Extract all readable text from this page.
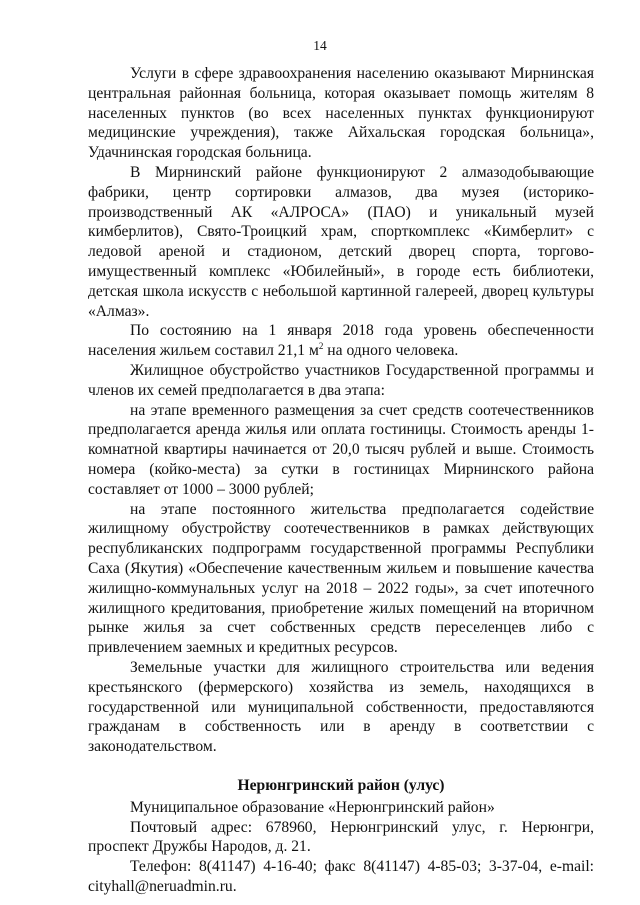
14

Услуги в сфере здравоохранения населению оказывают Мирнинская центральная районная больница, которая оказывает помощь жителям 8 населенных пунктов (во всех населенных пунктах функционируют медицинские учреждения), также Айхальская городская больница», Удачнинская городская больница.

В Мирнинский районе функционируют 2 алмазодобывающие фабрики, центр сортировки алмазов, два музея (историко-производственный АК «АЛРОСА» (ПАО) и уникальный музей кимберлитов), Свято-Троицкий храм, спорткомплекс «Кимберлит» с ледовой ареной и стадионом, детский дворец спорта, торгово-имущественный комплекс «Юбилейный», в городе есть библиотеки, детская школа искусств с небольшой картинной галереей, дворец культуры «Алмаз».

По состоянию на 1 января 2018 года уровень обеспеченности населения жильем составил 21,1 $м^2$ на одного человека.

Жилищное обустройство участников Государственной программы и членов их семей предполагается в два этапа:

на этапе временного размещения за счет средств соотечественников предполагается аренда жилья или оплата гостиницы. Стоимость аренды 1-комнатной квартиры начинается от 20,0 тысяч рублей и выше. Стоимость номера (койко-места) за сутки в гостиницах Мирнинского района составляет от 1000 – 3000 рублей;

на этапе постоянного жительства предполагается содействие жилищному обустройству соотечественников в рамках действующих республиканских подпрограмм государственной программы Республики Саха (Якутия) «Обеспечение качественным жильем и повышение качества жилищно-коммунальных услуг на 2018 – 2022 годы», за счет ипотечного жилищного кредитования, приобретение жилых помещений на вторичном рынке жилья за счет собственных средств переселенцев либо с привлечением заемных и кредитных ресурсов.

Земельные участки для жилищного строительства или ведения крестьянского (фермерского) хозяйства из земель, находящихся в государственной или муниципальной собственности, предоставляются гражданам в собственность или в аренду в соответствии с законодательством.

Нерюнгринский район (улус)

Муниципальное образование «Нерюнгринский район»

Почтовый адрес: 678960, Нерюнгринский улус, г. Нерюнгри, проспект Дружбы Народов, д. 21.

Телефон: 8(41147) 4-16-40; факс 8(41147) 4-85-03; 3-37-04, e-mail: cityhall@neruadmin.ru.
